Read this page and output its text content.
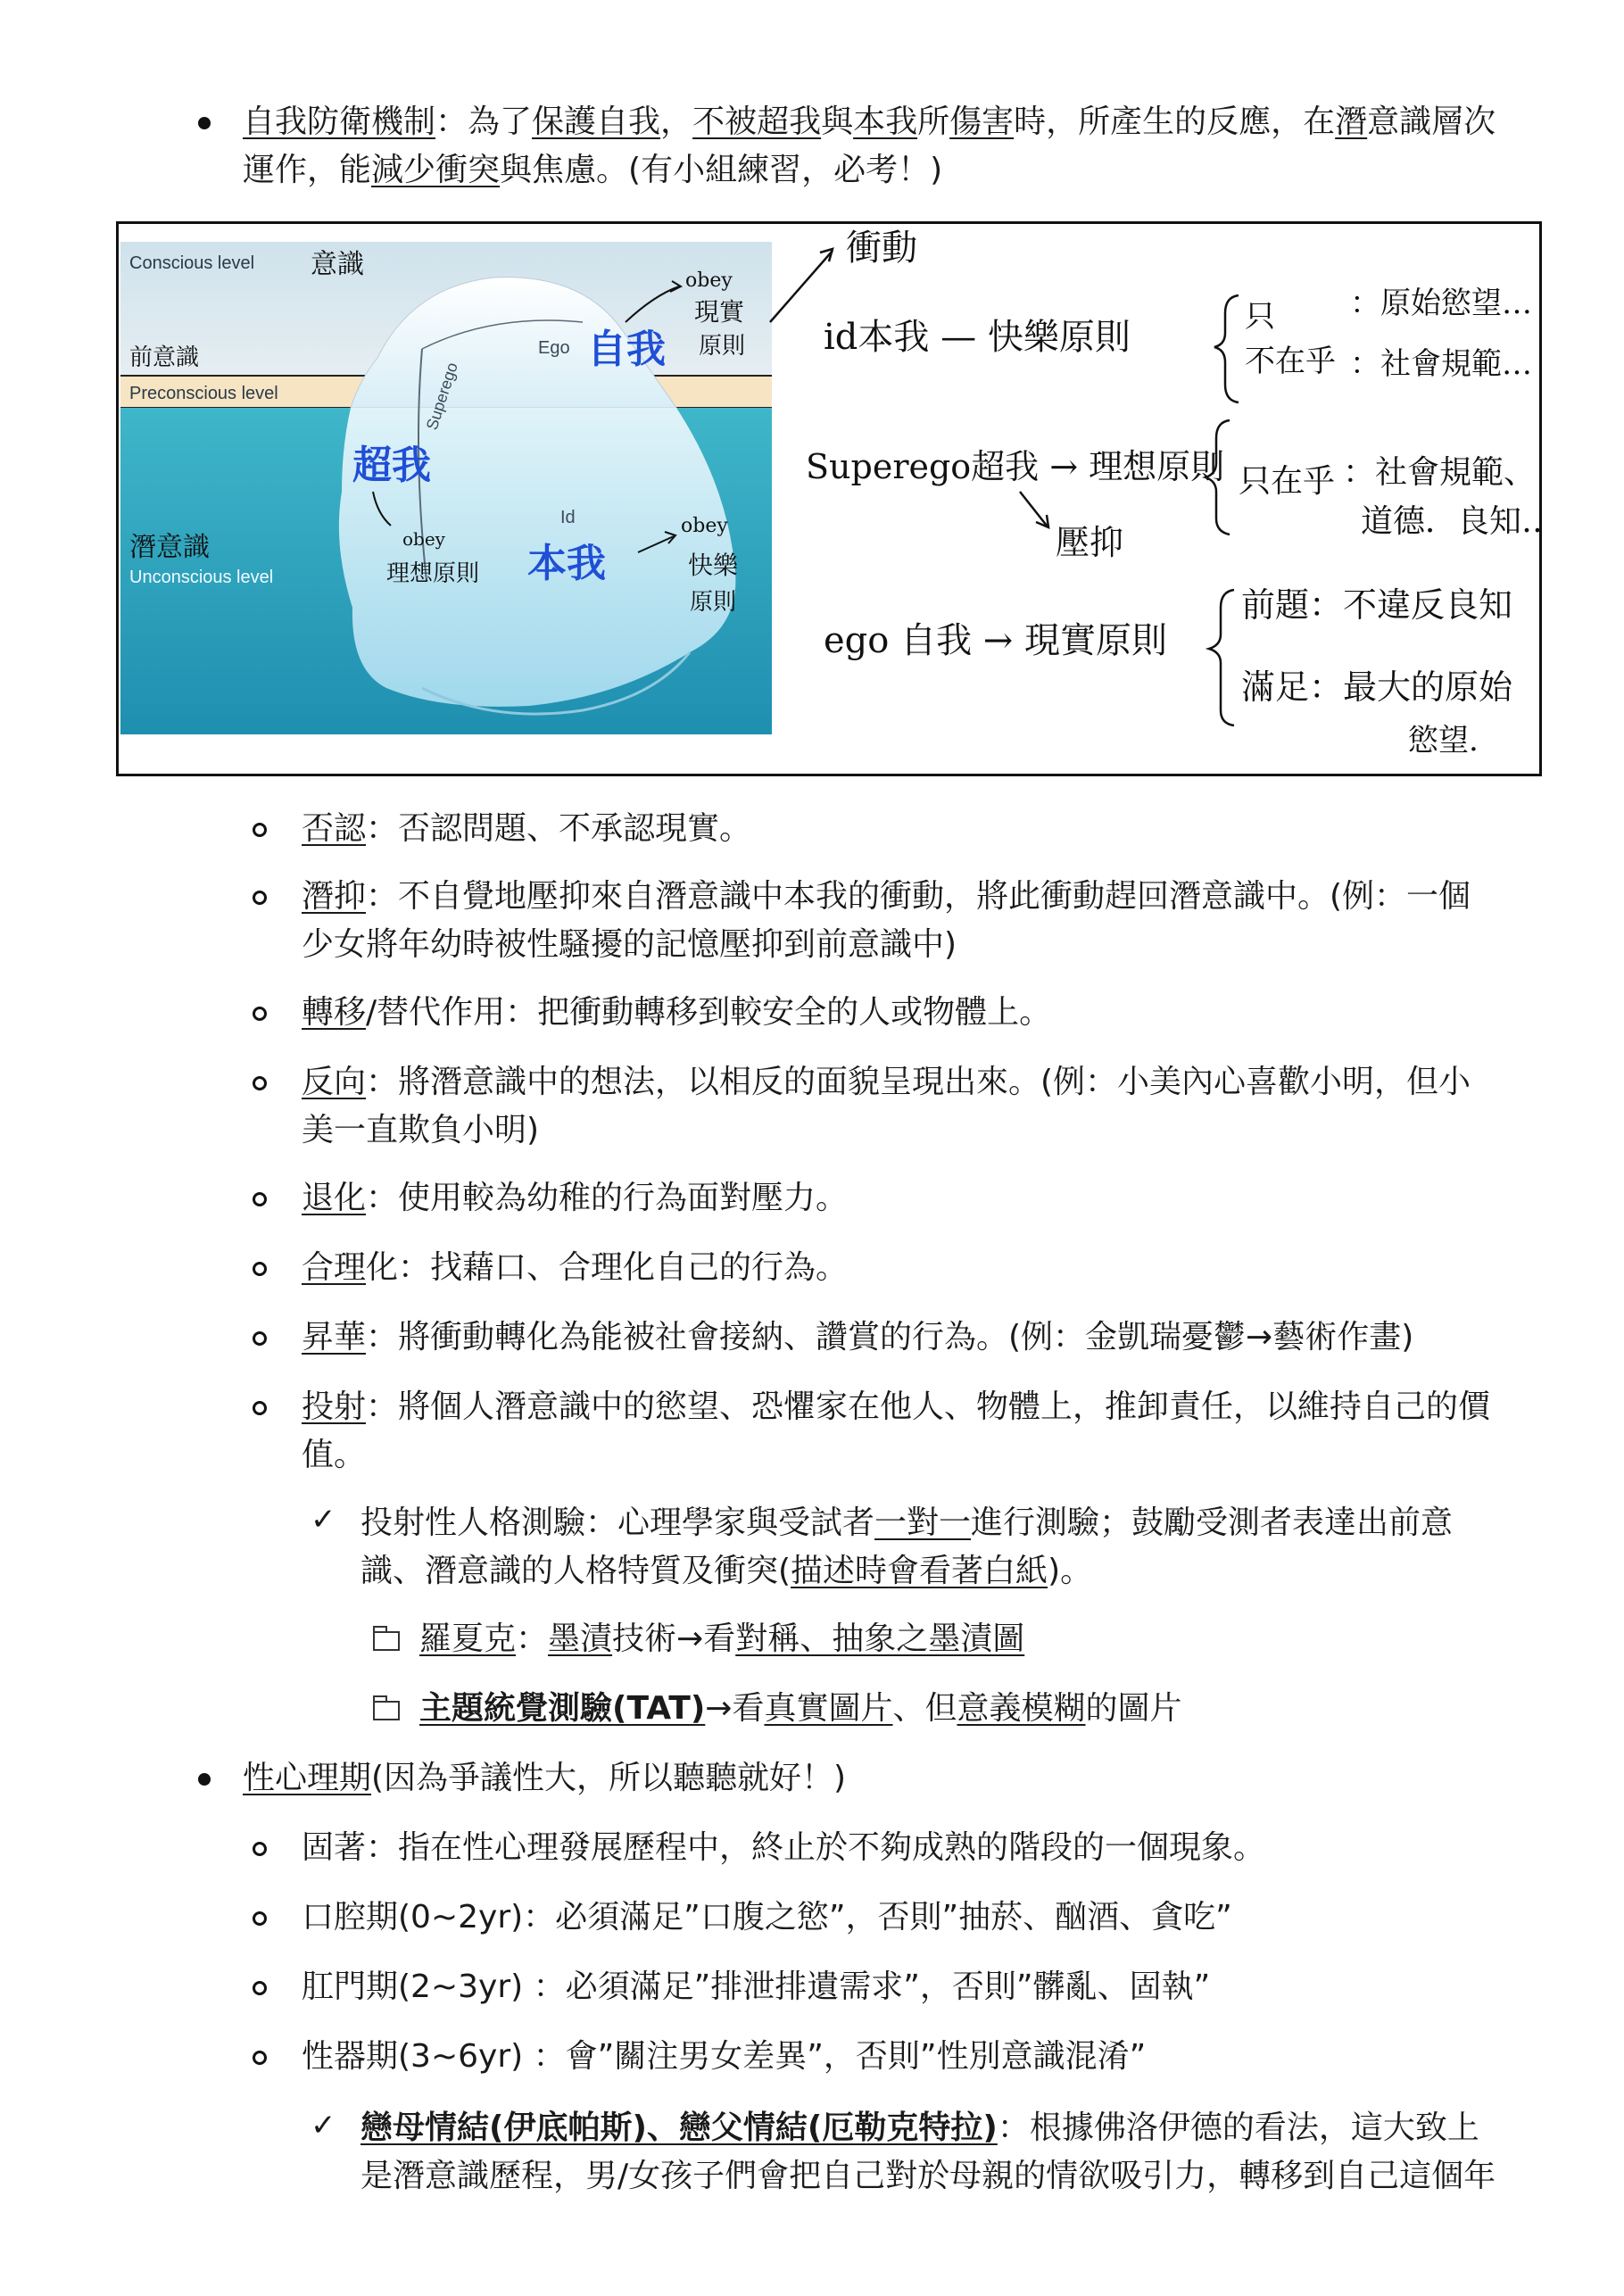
自我防衛機制：為了保護自我，不被超我與本我所傷害時，所產生的反應，在潛意識層次
運作，能減少衝突與焦慮。(有小組練習，必考！)
Conscious level 意識
前意識
Preconscious level
潛意識
Unconscious level
Superego
Ego
Id
自我
超我
本我
obey
現實
原則
obey
理想原則
obey
快樂
原則
衝動
id本我 — 快樂原則	只
不在乎
：原始慾望…
：社會規範…
Superego超我 → 理想原則
壓抑
只在乎 ：社會規範、
道德．良知…
ego 自我 → 現實原則
前題：不違反良知
滿足：最大的原始
慾望.
否認：否認問題、不承認現實。
潛抑：不自覺地壓抑來自潛意識中本我的衝動，將此衝動趕回潛意識中。(例：一個
少女將年幼時被性騷擾的記憶壓抑到前意識中)
轉移/替代作用：把衝動轉移到較安全的人或物體上。
反向：將潛意識中的想法，以相反的面貌呈現出來。(例：小美內心喜歡小明，但小
美一直欺負小明)
退化：使用較為幼稚的行為面對壓力。
合理化：找藉口、合理化自己的行為。
昇華：將衝動轉化為能被社會接納、讚賞的行為。(例：金凱瑞憂鬱→藝術作畫)
投射：將個人潛意識中的慾望、恐懼家在他人、物體上，推卸責任，以維持自己的價
值。
✓ 投射性人格測驗：心理學家與受試者一對一進行測驗；鼓勵受測者表達出前意
識、潛意識的人格特質及衝突(描述時會看著白紙)。
羅夏克：墨漬技術→看對稱、抽象之墨漬圖
主題統覺測驗(TAT)→看真實圖片、但意義模糊的圖片
性心理期(因為爭議性大，所以聽聽就好！)
固著：指在性心理發展歷程中，終止於不夠成熟的階段的一個現象。
口腔期(0~2yr)：必須滿足”口腹之慾”，否則”抽菸、酗酒、貪吃”
肛門期(2~3yr) ：必須滿足”排泄排遺需求”，否則”髒亂、固執”
性器期(3~6yr) ：會”關注男女差異”，否則”性別意識混淆”
✓ 戀母情結(伊底帕斯)、戀父情結(厄勒克特拉)：根據佛洛伊德的看法，這大致上
是潛意識歷程，男/女孩子們會把自己對於母親的情欲吸引力，轉移到自己這個年
